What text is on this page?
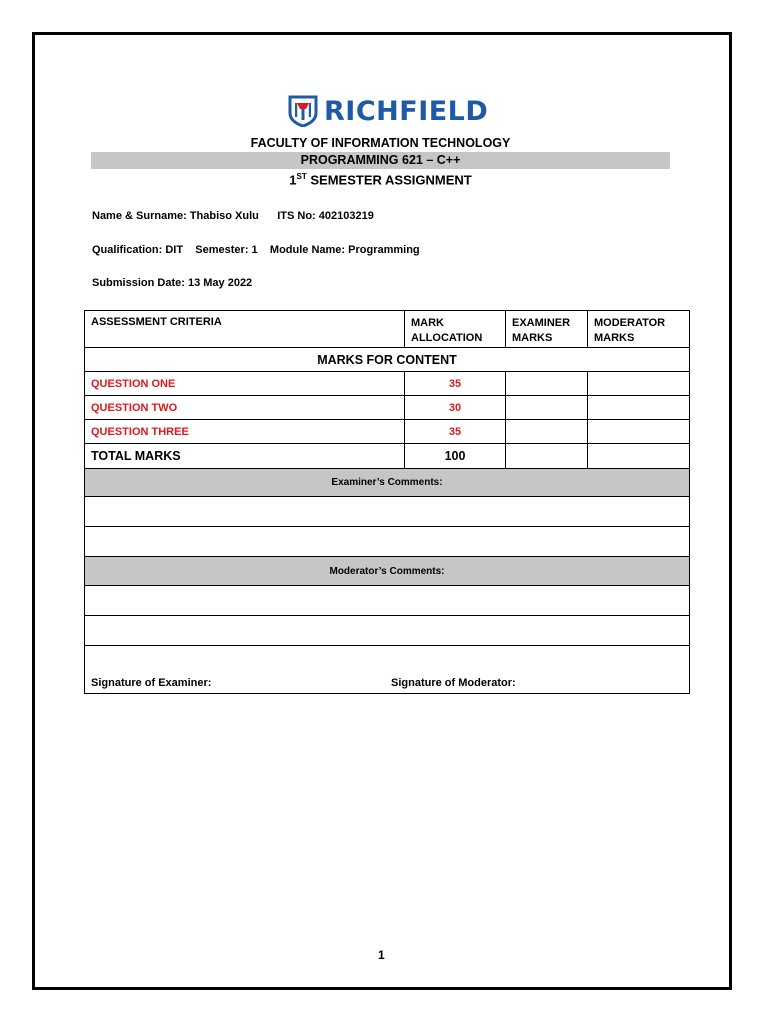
RICHFIELD
FACULTY OF INFORMATION TECHNOLOGY
PROGRAMMING 621 – C++
1ST SEMESTER ASSIGNMENT
Name & Surname: Thabiso Xulu ITS No: 402103219
Qualification: DIT Semester: 1 Module Name: Programming
Submission Date: 13 May 2022
ASSESSMENT CRITERIA	MARK ALLOCATION	EXAMINER MARKS	MODERATOR MARKS
MARKS FOR CONTENT			
QUESTION ONE	35		
QUESTION TWO	30		
QUESTION THREE	35		
TOTAL MARKS	100		
Examiner’s Comments:			

Moderator’s Comments:			

Signature of Examiner: Signature of Moderator:			
1
